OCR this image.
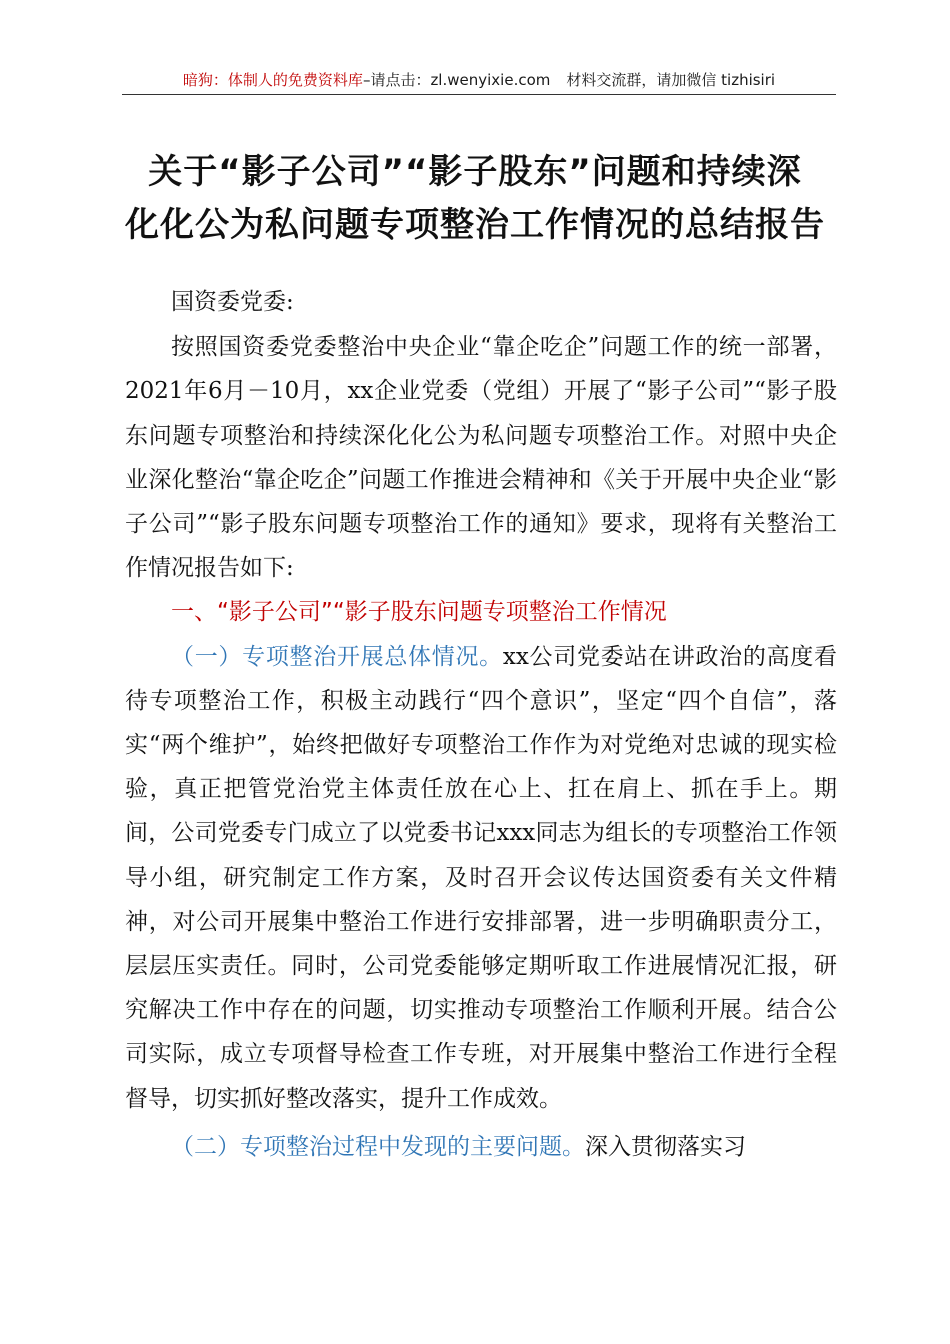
暗狗：体制人的免费资料库–请点击：zl.wenyixie.com 材料交流群，请加微信 tizhisiri
关于“影子公司”“影子股东”问题和持续深
化化公为私问题专项整治工作情况的总结报告

国资委党委:

按照国资委党委整治中央企业“靠企吃企”问题工作的统一部署，2021年6月－10月，xx企业党委（党组）开展了“影子公司”“影子股东问题专项整治和持续深化化公为私问题专项整治工作。对照中央企业深化整治“靠企吃企”问题工作推进会精神和《关于开展中央企业“影子公司”“影子股东问题专项整治工作的通知》要求，现将有关整治工作情况报告如下:

一、“影子公司”“影子股东问题专项整治工作情况

（一）专项整治开展总体情况。xx公司党委站在讲政治的高度看待专项整治工作，积极主动践行“四个意识”，坚定“四个自信”，落实“两个维护”，始终把做好专项整治工作作为对党绝对忠诚的现实检验，真正把管党治党主体责任放在心上、扛在肩上、抓在手上。期间，公司党委专门成立了以党委书记xxx同志为组长的专项整治工作领导小组，研究制定工作方案，及时召开会议传达国资委有关文件精神，对公司开展集中整治工作进行安排部署，进一步明确职责分工，层层压实责任。同时，公司党委能够定期听取工作进展情况汇报，研究解决工作中存在的问题，切实推动专项整治工作顺利开展。结合公司实际，成立专项督导检查工作专班，对开展集中整治工作进行全程督导，切实抓好整改落实，提升工作成效。

（二）专项整治过程中发现的主要问题。深入贯彻落实习
